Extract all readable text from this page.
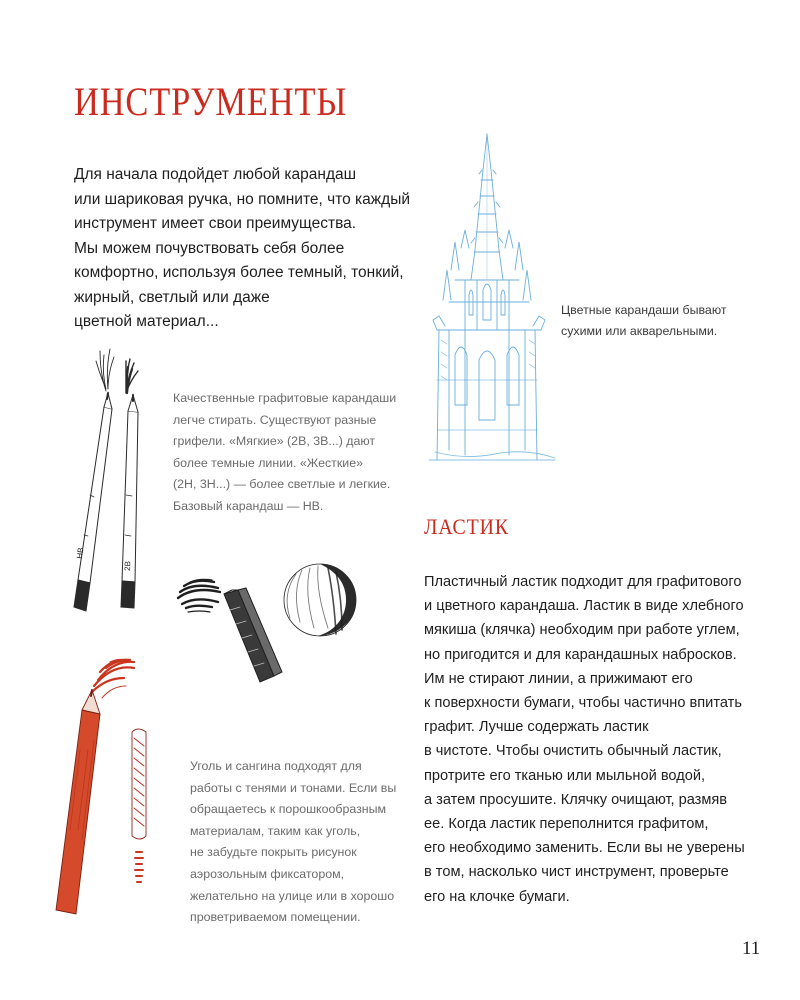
ИНСТРУМЕНТЫ
Для начала подойдет любой карандаш
или шариковая ручка, но помните, что каждый
инструмент имеет свои преимущества.
Мы можем почувствовать себя более
комфортно, используя более темный, тонкий,
жирный, светлый или даже
цветной материал...
Цветные карандаши бывают
сухими или акварельными.
HB
2B
Качественные графитовые карандаши
легче стирать. Существуют разные
грифели. «Мягкие» (2B, 3B...) дают
более темные линии. «Жесткие»
(2H, 3H...) — более светлые и легкие.
Базовый карандаш — HB.
Уголь и сангина подходят для
работы с тенями и тонами. Если вы
обращаетесь к порошкообразным
материалам, таким как уголь,
не забудьте покрыть рисунок
аэрозольным фиксатором,
желательно на улице или в хорошо
проветриваемом помещении.
ЛАСТИК
Пластичный ластик подходит для графитового
и цветного карандаша. Ластик в виде хлебного
мякиша (клячка) необходим при работе углем,
но пригодится и для карандашных набросков.
Им не стирают линии, а прижимают его
к поверхности бумаги, чтобы частично впитать
графит. Лучше содержать ластик
в чистоте. Чтобы очистить обычный ластик,
протрите его тканью или мыльной водой,
а затем просушите. Клячку очищают, размяв
ее. Когда ластик переполнится графитом,
его необходимо заменить. Если вы не уверены
в том, насколько чист инструмент, проверьте
его на клочке бумаги.
11
